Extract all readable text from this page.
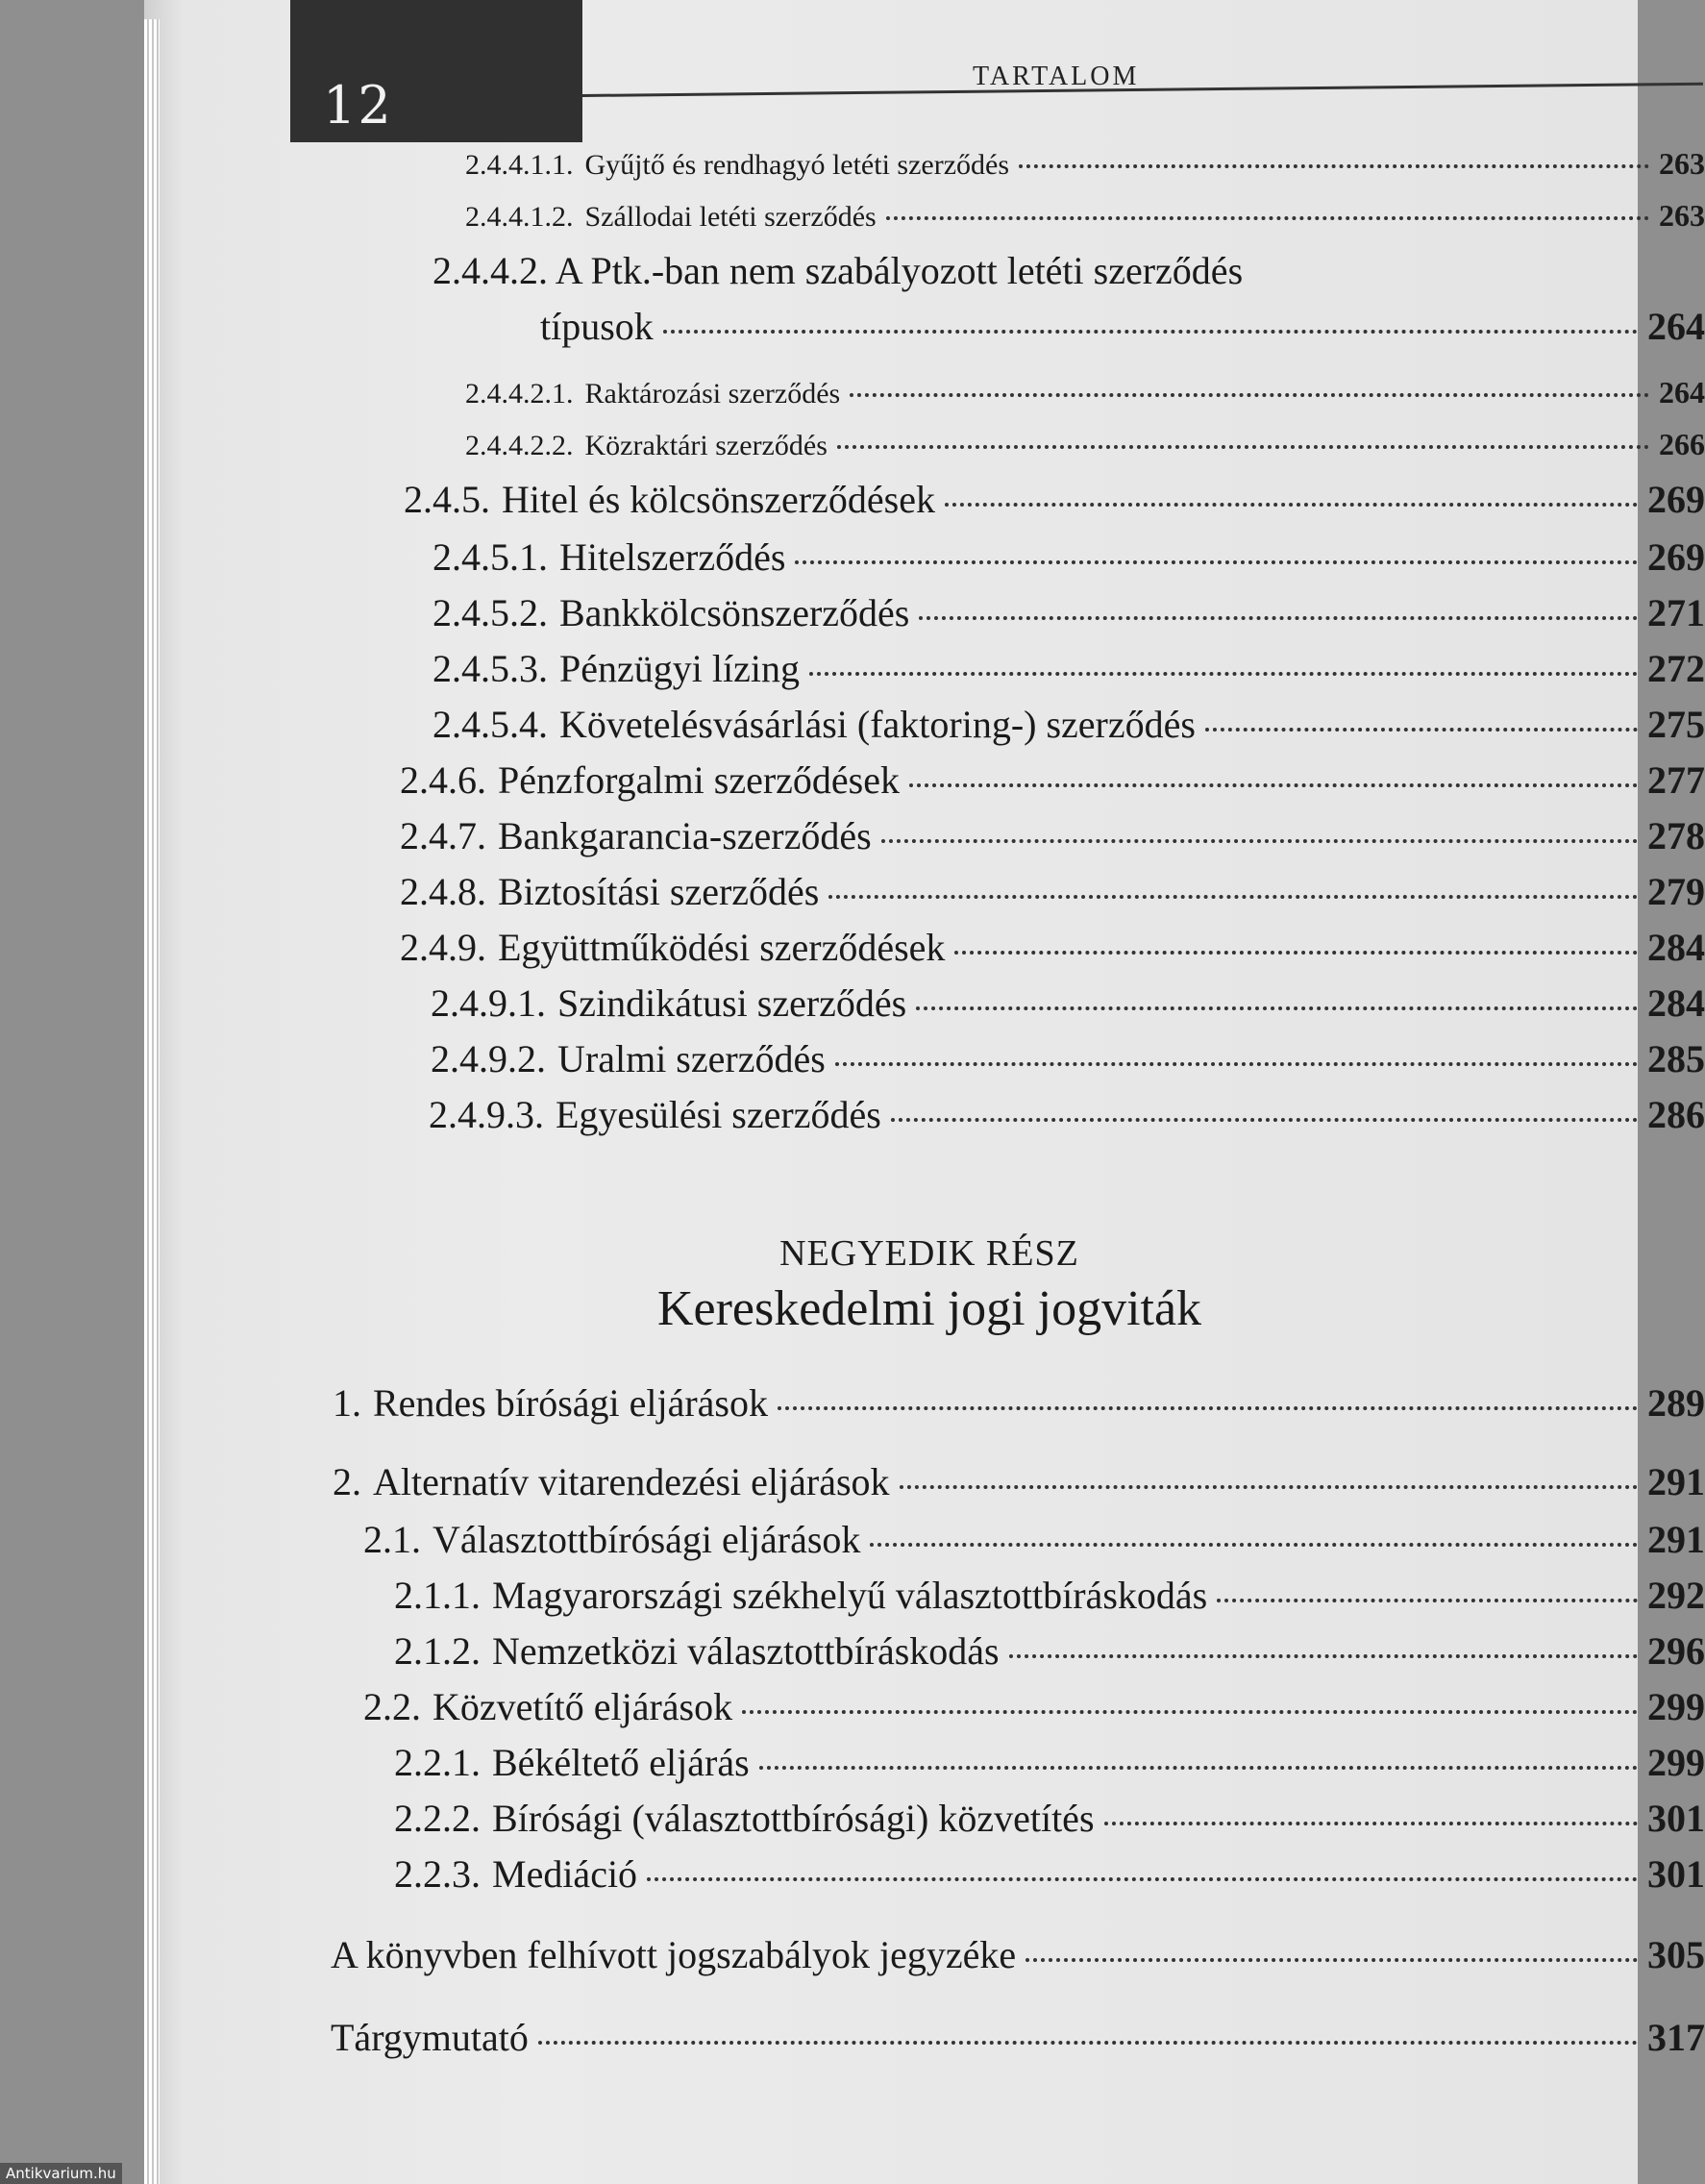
12	TARTALOM
2.4.4.1.1. Gyűjtő és rendhagyó letéti szerződés	263
2.4.4.1.2. Szállodai letéti szerződés	263
2.4.4.2. A Ptk.-ban nem szabályozott letéti szerződés
típusok	264
2.4.4.2.1. Raktározási szerződés	264
2.4.4.2.2. Közraktári szerződés	266
2.4.5. Hitel és kölcsönszerződések	269
2.4.5.1. Hitelszerződés	269
2.4.5.2. Bankkölcsönszerződés	271
2.4.5.3. Pénzügyi lízing	272
2.4.5.4. Követelésvásárlási (faktoring-) szerződés	275
2.4.6. Pénzforgalmi szerződések	277
2.4.7. Bankgarancia-szerződés	278
2.4.8. Biztosítási szerződés	279
2.4.9. Együttműködési szerződések	284
2.4.9.1. Szindikátusi szerződés	284
2.4.9.2. Uralmi szerződés	285
2.4.9.3. Egyesülési szerződés	286
NEGYEDIK RÉSZ
Kereskedelmi jogi jogviták
1. Rendes bírósági eljárások	289
2. Alternatív vitarendezési eljárások	291
2.1. Választottbírósági eljárások	291
2.1.1. Magyarországi székhelyű választottbíráskodás	292
2.1.2. Nemzetközi választottbíráskodás	296
2.2. Közvetítő eljárások	299
2.2.1. Békéltető eljárás	299
2.2.2. Bírósági (választottbírósági) közvetítés	301
2.2.3. Mediáció	301
A könyvben felhívott jogszabályok jegyzéke	305
Tárgymutató	317
Antikvarium.hu
